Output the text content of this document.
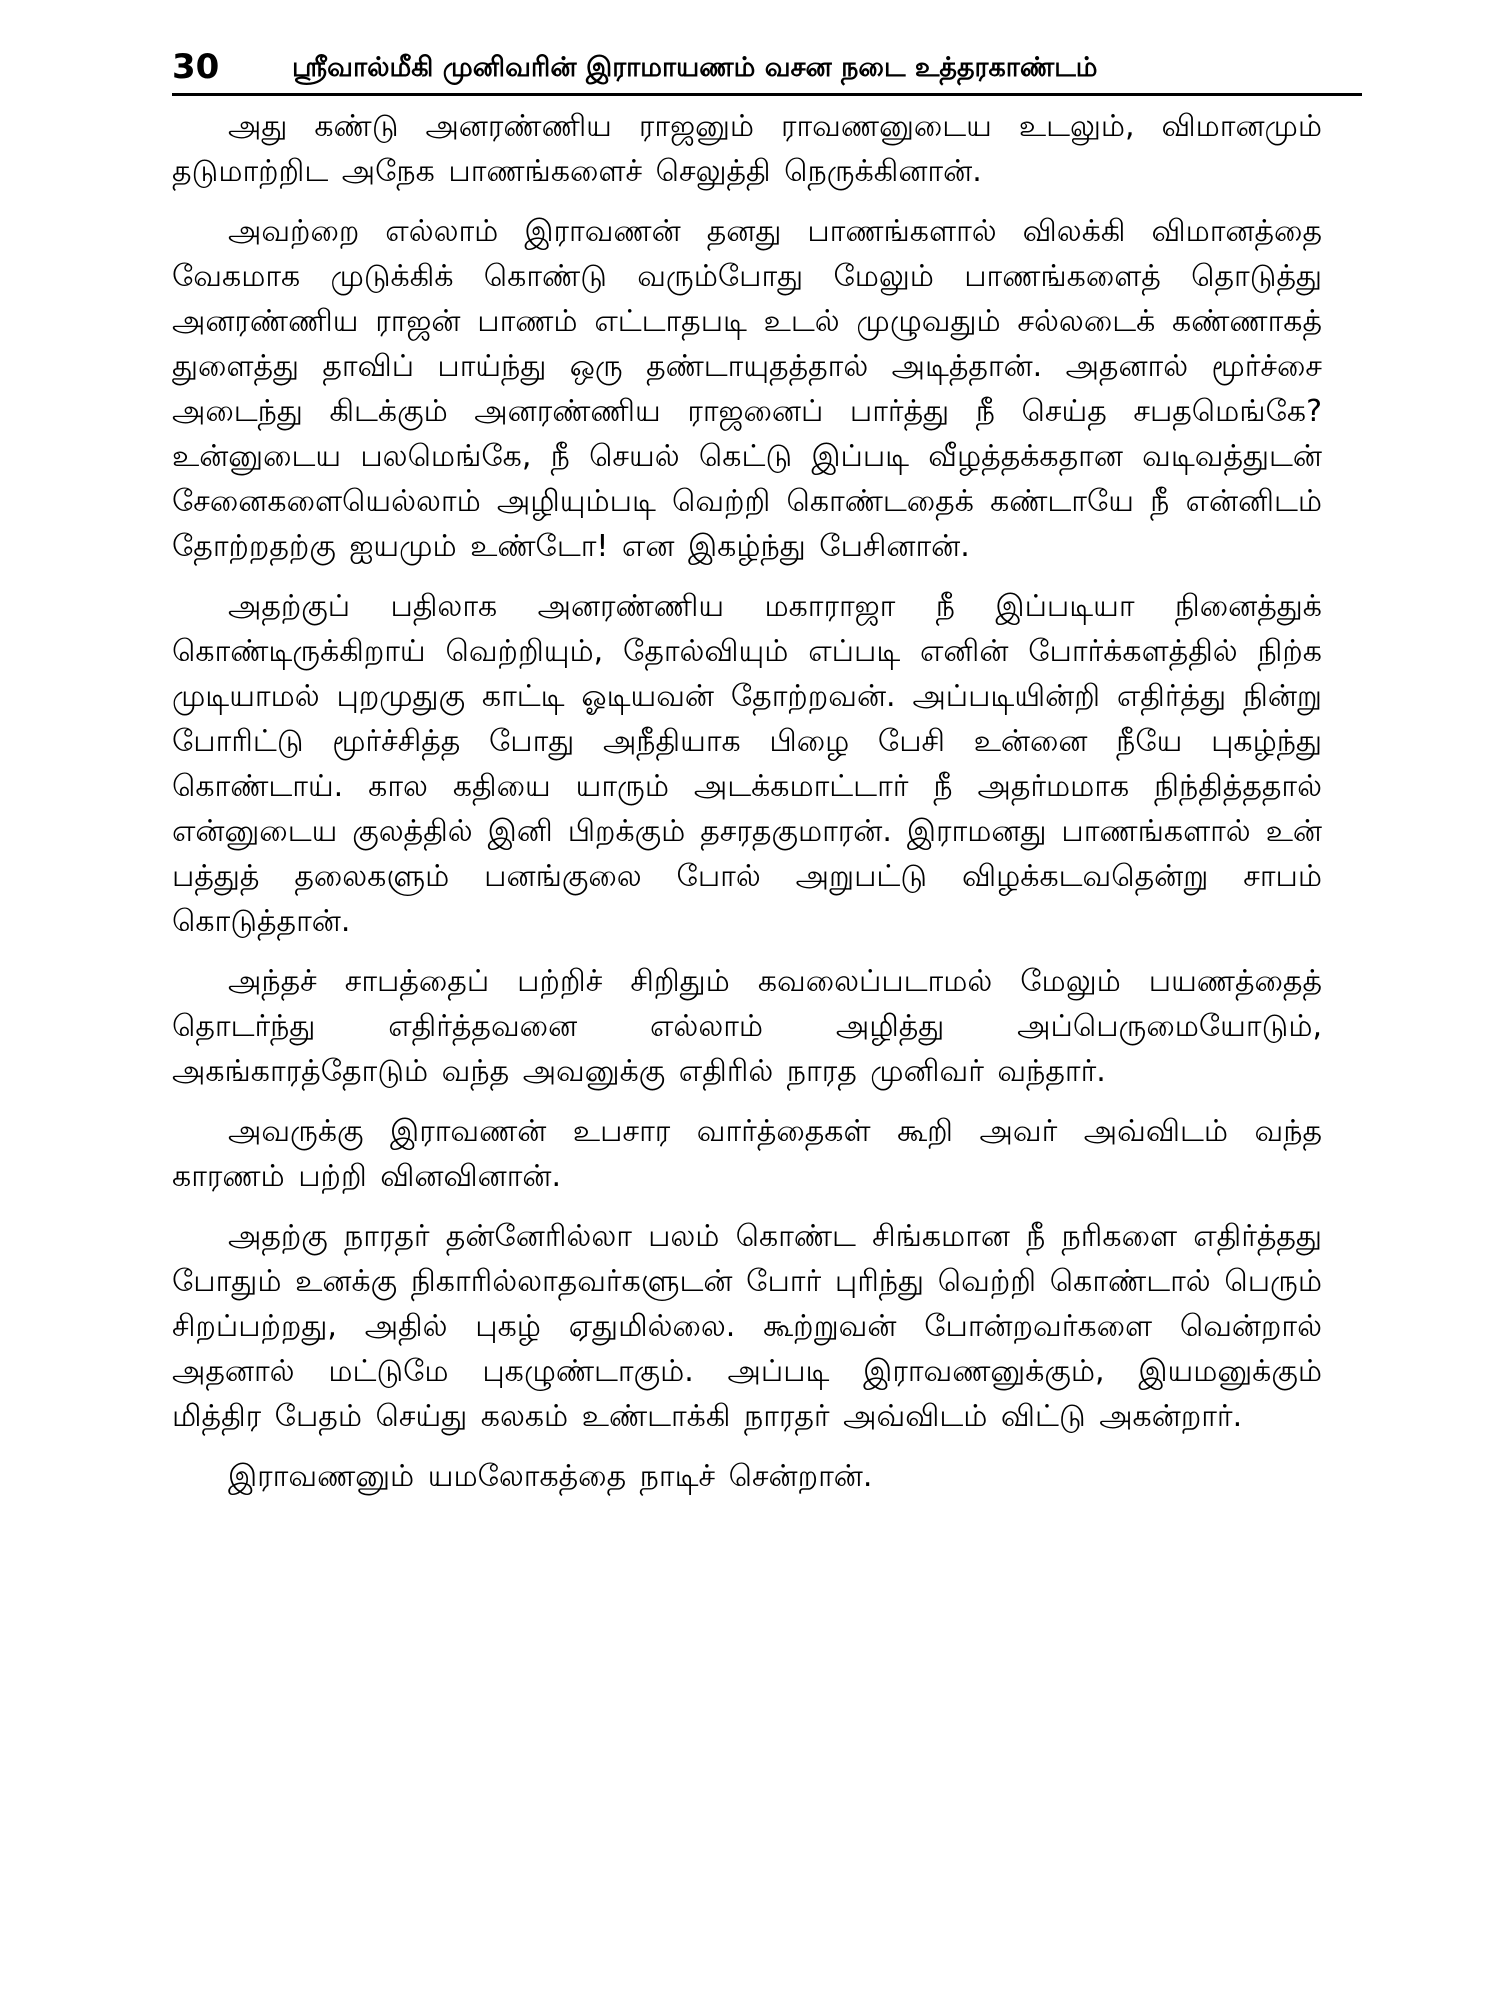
30	ஸ்ரீவால்மீகி முனிவரின் இராமாயணம் வசன நடை உத்தரகாண்டம்

அது கண்டு அனரண்ணிய ராஜனும் ராவணனுடைய உடலும், விமானமும் தடுமாற்றிட அநேக பாணங்களைச் செலுத்தி நெருக்கினான்.

அவற்றை எல்லாம் இராவணன் தனது பாணங்களால் விலக்கி விமானத்தை வேகமாக முடுக்கிக் கொண்டு வரும்போது மேலும் பாணங்களைத் தொடுத்து அனரண்ணிய ராஜன் பாணம் எட்டாதபடி உடல் முழுவதும் சல்லடைக் கண்ணாகத் துளைத்து தாவிப் பாய்ந்து ஒரு தண்டாயுதத்தால் அடித்தான். அதனால் மூர்ச்சை அடைந்து கிடக்கும் அனரண்ணிய ராஜனைப் பார்த்து நீ செய்த சபதமெங்கே? உன்னுடைய பலமெங்கே, நீ செயல் கெட்டு இப்படி வீழத்தக்கதான வடிவத்துடன் சேனைகளையெல்லாம் அழியும்படி வெற்றி கொண்டதைக் கண்டாயே நீ என்னிடம் தோற்றதற்கு ஐயமும் உண்டோ! என இகழ்ந்து பேசினான்.

அதற்குப் பதிலாக அனரண்ணிய மகாராஜா நீ இப்படியா நினைத்துக் கொண்டிருக்கிறாய் வெற்றியும், தோல்வியும் எப்படி எனின் போர்க்களத்தில் நிற்க முடியாமல் புறமுதுகு காட்டி ஓடியவன் தோற்றவன். அப்படியின்றி எதிர்த்து நின்று போரிட்டு மூர்ச்சித்த போது அநீதியாக பிழை பேசி உன்னை நீயே புகழ்ந்து கொண்டாய். கால கதியை யாரும் அடக்கமாட்டார் நீ அதர்மமாக நிந்தித்ததால் என்னுடைய குலத்தில் இனி பிறக்கும் தசரதகுமாரன். இராமனது பாணங்களால் உன் பத்துத் தலைகளும் பனங்குலை போல் அறுபட்டு விழக்கடவதென்று சாபம் கொடுத்தான்.

அந்தச் சாபத்தைப் பற்றிச் சிறிதும் கவலைப்படாமல் மேலும் பயணத்தைத் தொடர்ந்து எதிர்த்தவனை எல்லாம் அழித்து அப்பெருமையோடும், அகங்காரத்தோடும் வந்த அவனுக்கு எதிரில் நாரத முனிவர் வந்தார்.

அவருக்கு இராவணன் உபசார வார்த்தைகள் கூறி அவர் அவ்விடம் வந்த காரணம் பற்றி வினவினான்.

அதற்கு நாரதர் தன்னேரில்லா பலம் கொண்ட சிங்கமான நீ நரிகளை எதிர்த்தது போதும் உனக்கு நிகாரில்லாதவர்களுடன் போர் புரிந்து வெற்றி கொண்டால் பெரும் சிறப்பற்றது, அதில் புகழ் ஏதுமில்லை. கூற்றுவன் போன்றவர்களை வென்றால் அதனால் மட்டுமே புகழுண்டாகும். அப்படி இராவணனுக்கும், இயமனுக்கும் மித்திர பேதம் செய்து கலகம் உண்டாக்கி நாரதர் அவ்விடம் விட்டு அகன்றார்.

இராவணனும் யமலோகத்தை நாடிச் சென்றான்.
